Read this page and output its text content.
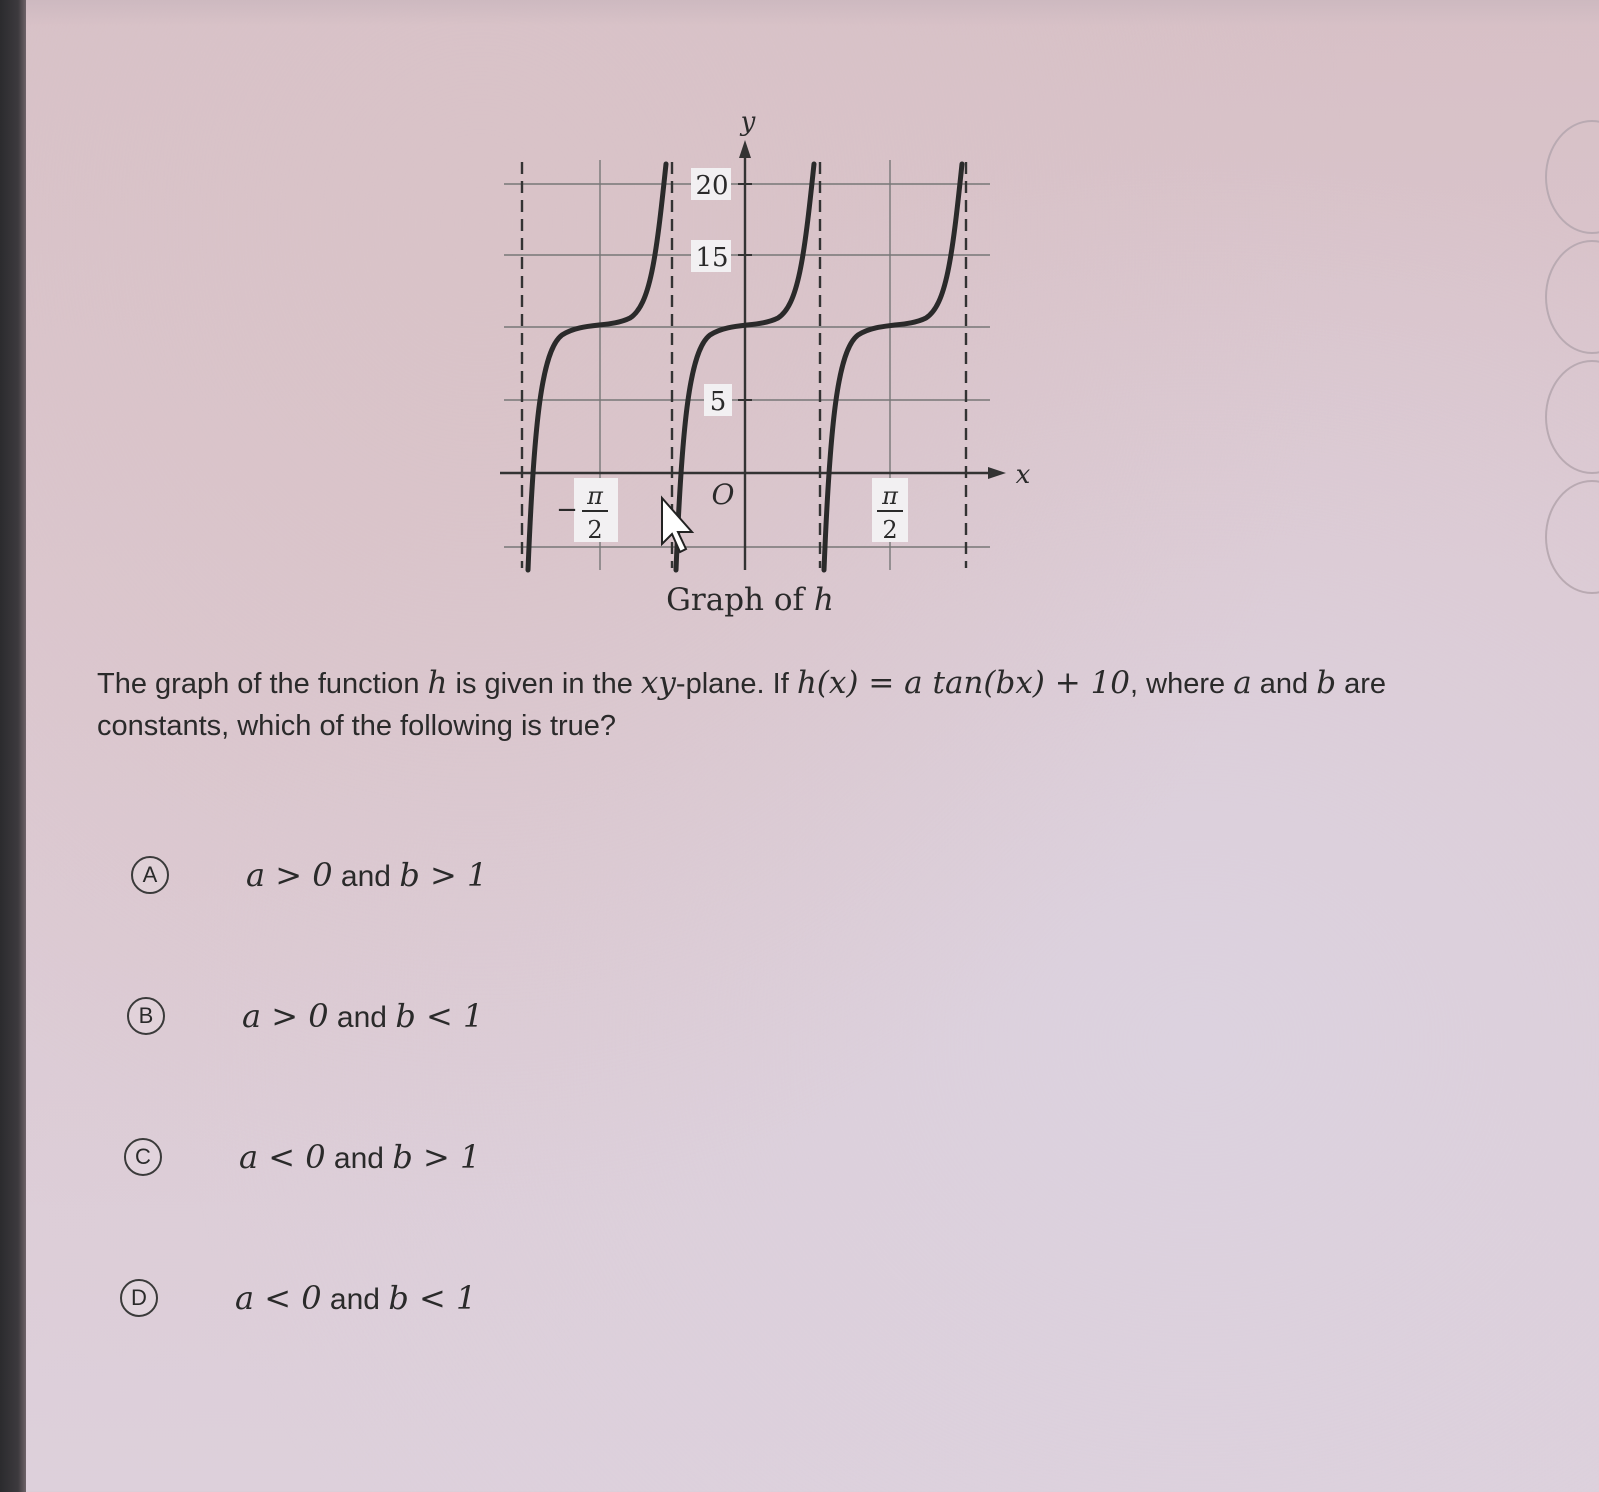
y
x
O
20
15
5
− π
2
π
2
Graph of h
The graph of the function h is given in the xy-plane. If h(x) = a tan(bx) + 10, where a and b are constants, which of the following is true?
A	a > 0 and b > 1
B	a > 0 and b < 1
C	a < 0 and b > 1
D	a < 0 and b < 1
